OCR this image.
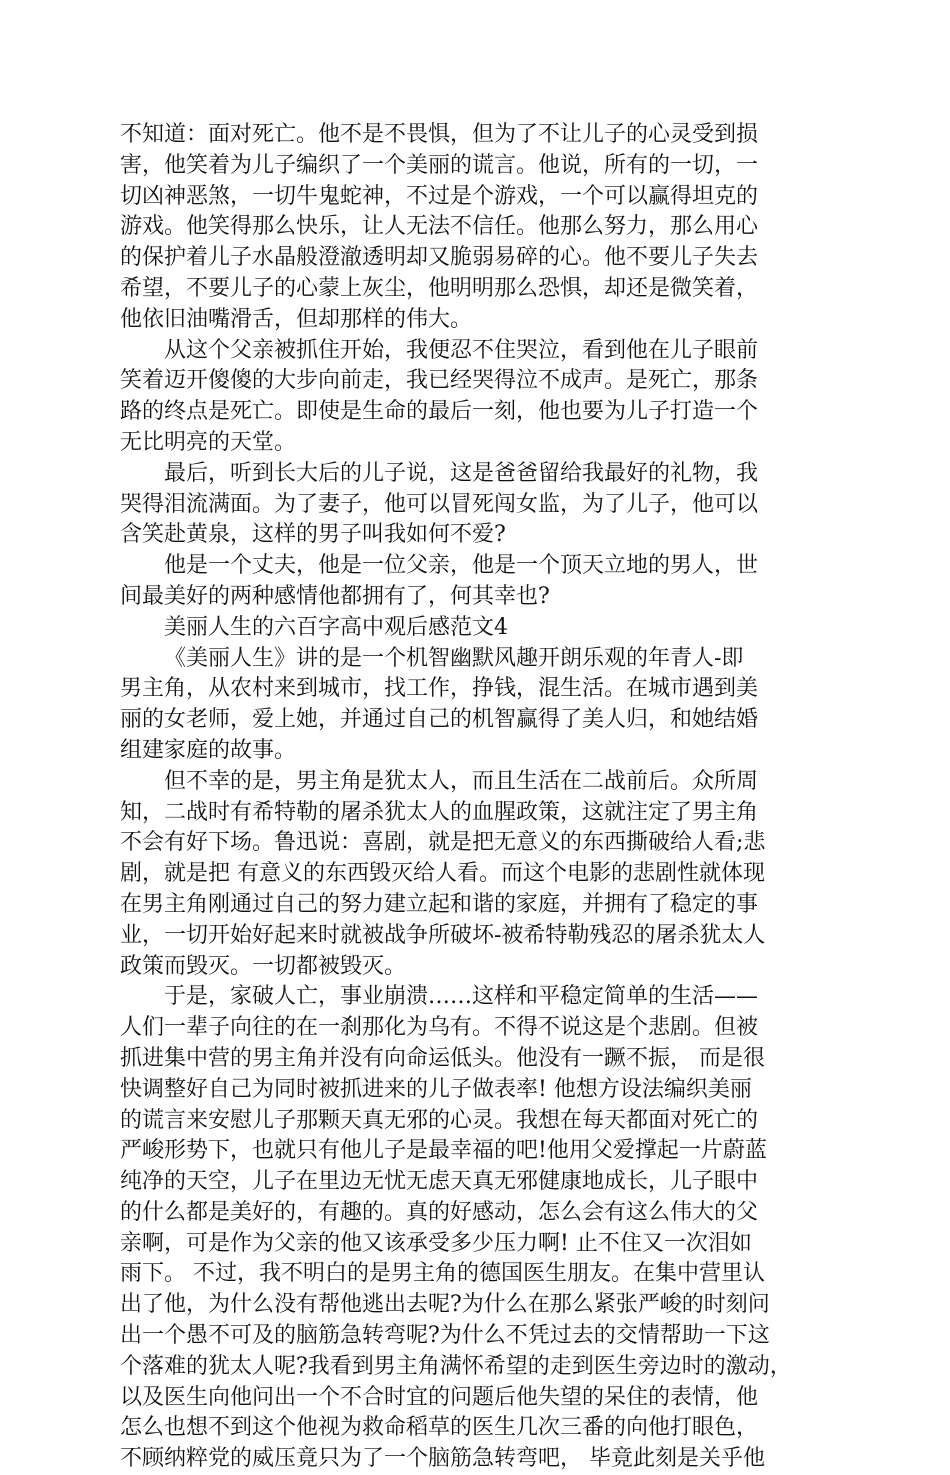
不知道：面对死亡。他不是不畏惧，但为了不让儿子的心灵受到损
害，他笑着为儿子编织了一个美丽的谎言。他说，所有的一切，一
切凶神恶煞，一切牛鬼蛇神，不过是个游戏，一个可以赢得坦克的
游戏。他笑得那么快乐，让人无法不信任。他那么努力，那么用心
的保护着儿子水晶般澄澈透明却又脆弱易碎的心。他不要儿子失去
希望，不要儿子的心蒙上灰尘，他明明那么恐惧，却还是微笑着，
他依旧油嘴滑舌，但却那样的伟大。
从这个父亲被抓住开始，我便忍不住哭泣，看到他在儿子眼前
笑着迈开傻傻的大步向前走，我已经哭得泣不成声。是死亡，那条
路的终点是死亡。即使是生命的最后一刻，他也要为儿子打造一个
无比明亮的天堂。
最后，听到长大后的儿子说，这是爸爸留给我最好的礼物，我
哭得泪流满面。为了妻子，他可以冒死闯女监，为了儿子，他可以
含笑赴黄泉，这样的男子叫我如何不爱?
他是一个丈夫，他是一位父亲，他是一个顶天立地的男人，世
间最美好的两种感情他都拥有了，何其幸也?
美丽人生的六百字高中观后感范文4
《美丽人生》讲的是一个机智幽默风趣开朗乐观的年青人-即
男主角，从农村来到城市，找工作，挣钱，混生活。在城市遇到美
丽的女老师，爱上她，并通过自己的机智赢得了美人归，和她结婚
组建家庭的故事。
但不幸的是，男主角是犹太人，而且生活在二战前后。众所周
知，二战时有希特勒的屠杀犹太人的血腥政策，这就注定了男主角
不会有好下场。鲁迅说：喜剧，就是把无意义的东西撕破给人看;悲
剧，就是把 有意义的东西毁灭给人看。而这个电影的悲剧性就体现
在男主角刚通过自己的努力建立起和谐的家庭，并拥有了稳定的事
业，一切开始好起来时就被战争所破坏-被希特勒残忍的屠杀犹太人
政策而毁灭。一切都被毁灭。
于是，家破人亡，事业崩溃……这样和平稳定简单的生活——
人们一辈子向往的在一刹那化为乌有。不得不说这是个悲剧。但被
抓进集中营的男主角并没有向命运低头。他没有一蹶不振， 而是很
快调整好自己为同时被抓进来的儿子做表率! 他想方设法编织美丽
的谎言来安慰儿子那颗天真无邪的心灵。我想在每天都面对死亡的
严峻形势下，也就只有他儿子是最幸福的吧!他用父爱撑起一片蔚蓝
纯净的天空，儿子在里边无忧无虑天真无邪健康地成长，儿子眼中
的什么都是美好的，有趣的。真的好感动，怎么会有这么伟大的父
亲啊，可是作为父亲的他又该承受多少压力啊! 止不住又一次泪如
雨下。 不过，我不明白的是男主角的德国医生朋友。在集中营里认
出了他，为什么没有帮他逃出去呢?为什么在那么紧张严峻的时刻问
出一个愚不可及的脑筋急转弯呢?为什么不凭过去的交情帮助一下这
个落难的犹太人呢?我看到男主角满怀希望的走到医生旁边时的激动，
以及医生向他问出一个不合时宜的问题后他失望的呆住的表情，他
怎么也想不到这个他视为救命稻草的医生几次三番的向他打眼色，
不顾纳粹党的威压竟只为了一个脑筋急转弯吧， 毕竟此刻是关乎他
